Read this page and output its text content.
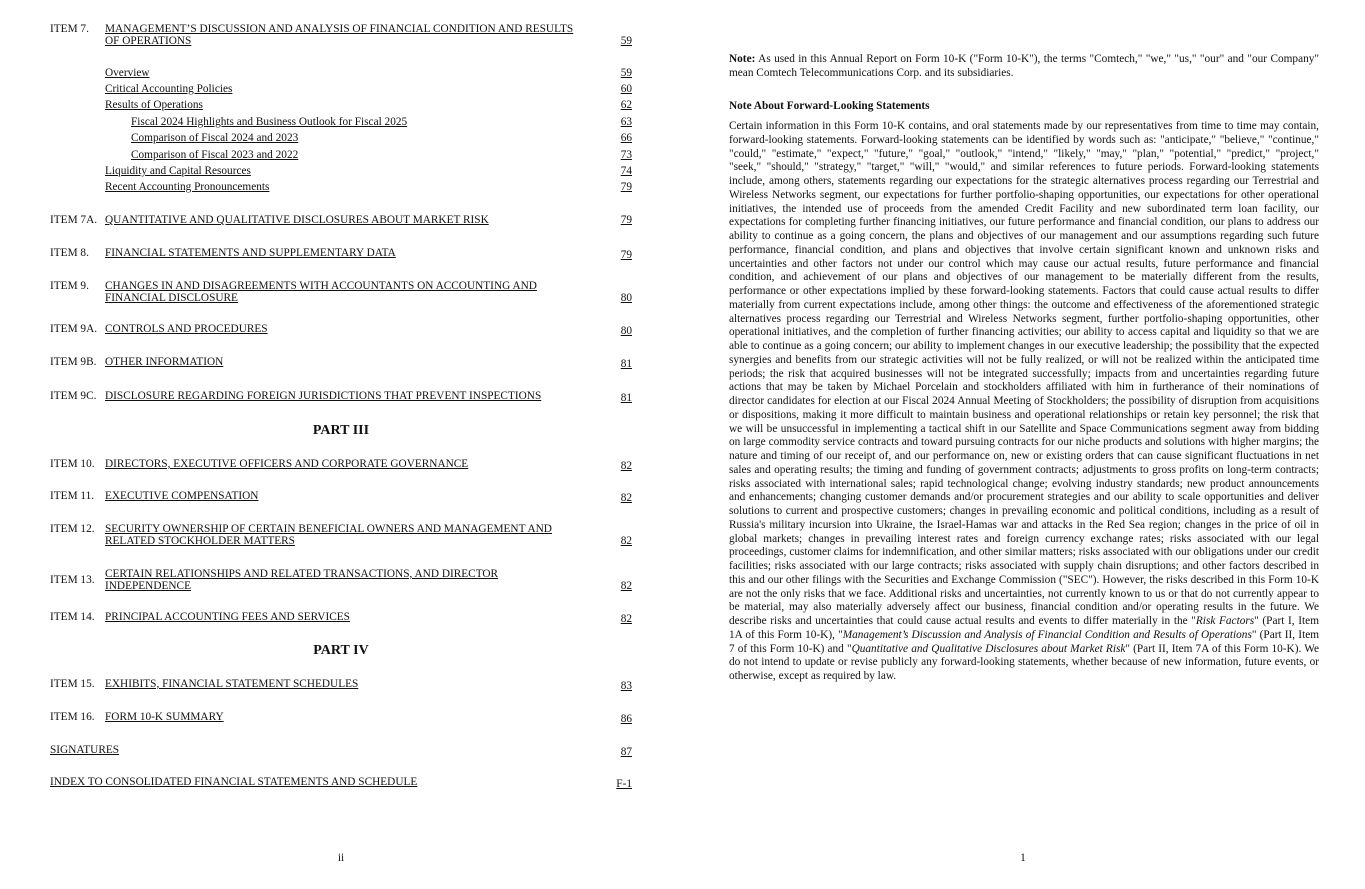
ITEM 7. MANAGEMENT’S DISCUSSION AND ANALYSIS OF FINANCIAL CONDITION AND RESULTS OF OPERATIONS	59
Overview	59
Critical Accounting Policies	60
Results of Operations	62
Fiscal 2024 Highlights and Business Outlook for Fiscal 2025	63
Comparison of Fiscal 2024 and 2023	66
Comparison of Fiscal 2023 and 2022	73
Liquidity and Capital Resources	74
Recent Accounting Pronouncements	79
ITEM 7A. QUANTITATIVE AND QUALITATIVE DISCLOSURES ABOUT MARKET RISK	79
ITEM 8. FINANCIAL STATEMENTS AND SUPPLEMENTARY DATA	79
ITEM 9. CHANGES IN AND DISAGREEMENTS WITH ACCOUNTANTS ON ACCOUNTING AND FINANCIAL DISCLOSURE	80
ITEM 9A. CONTROLS AND PROCEDURES	80
ITEM 9B. OTHER INFORMATION	81
ITEM 9C. DISCLOSURE REGARDING FOREIGN JURISDICTIONS THAT PREVENT INSPECTIONS	81
PART III
ITEM 10. DIRECTORS, EXECUTIVE OFFICERS AND CORPORATE GOVERNANCE	82
ITEM 11. EXECUTIVE COMPENSATION	82
ITEM 12. SECURITY OWNERSHIP OF CERTAIN BENEFICIAL OWNERS AND MANAGEMENT AND RELATED STOCKHOLDER MATTERS	82
ITEM 13. CERTAIN RELATIONSHIPS AND RELATED TRANSACTIONS, AND DIRECTOR INDEPENDENCE	82
ITEM 14. PRINCIPAL ACCOUNTING FEES AND SERVICES	82
PART IV
ITEM 15. EXHIBITS, FINANCIAL STATEMENT SCHEDULES	83
ITEM 16. FORM 10-K SUMMARY	86
SIGNATURES	87
INDEX TO CONSOLIDATED FINANCIAL STATEMENTS AND SCHEDULE	F-1
ii

Note: As used in this Annual Report on Form 10-K ("Form 10-K"), the terms "Comtech," "we," "us," "our" and "our Company" mean Comtech Telecommunications Corp. and its subsidiaries.

Note About Forward-Looking Statements

Certain information in this Form 10-K contains, and oral statements made by our representatives from time to time may contain, forward-looking statements. Forward-looking statements can be identified by words such as: "anticipate," "believe," "continue," "could," "estimate," "expect," "future," "goal," "outlook," "intend," "likely," "may," "plan," "potential," "predict," "project," "seek," "should," "strategy," "target," "will," "would," and similar references to future periods. Forward-looking statements include, among others, statements regarding our expectations for the strategic alternatives process regarding our Terrestrial and Wireless Networks segment, our expectations for further portfolio-shaping opportunities, our expectations for other operational initiatives, the intended use of proceeds from the amended Credit Facility and new subordinated term loan facility, our expectations for completing further financing initiatives, our future performance and financial condition, our plans to address our ability to continue as a going concern, the plans and objectives of our management and our assumptions regarding such future performance, financial condition, and plans and objectives that involve certain significant known and unknown risks and uncertainties and other factors not under our control which may cause our actual results, future performance and financial condition, and achievement of our plans and objectives of our management to be materially different from the results, performance or other expectations implied by these forward-looking statements. Factors that could cause actual results to differ materially from current expectations include, among other things: the outcome and effectiveness of the aforementioned strategic alternatives process regarding our Terrestrial and Wireless Networks segment, further portfolio-shaping opportunities, other operational initiatives, and the completion of further financing activities; our ability to access capital and liquidity so that we are able to continue as a going concern; our ability to implement changes in our executive leadership; the possibility that the expected synergies and benefits from our strategic activities will not be fully realized, or will not be realized within the anticipated time periods; the risk that acquired businesses will not be integrated successfully; impacts from and uncertainties regarding future actions that may be taken by Michael Porcelain and stockholders affiliated with him in furtherance of their nominations of director candidates for election at our Fiscal 2024 Annual Meeting of Stockholders; the possibility of disruption from acquisitions or dispositions, making it more difficult to maintain business and operational relationships or retain key personnel; the risk that we will be unsuccessful in implementing a tactical shift in our Satellite and Space Communications segment away from bidding on large commodity service contracts and toward pursuing contracts for our niche products and solutions with higher margins; the nature and timing of our receipt of, and our performance on, new or existing orders that can cause significant fluctuations in net sales and operating results; the timing and funding of government contracts; adjustments to gross profits on long-term contracts; risks associated with international sales; rapid technological change; evolving industry standards; new product announcements and enhancements; changing customer demands and/or procurement strategies and our ability to scale opportunities and deliver solutions to current and prospective customers; changes in prevailing economic and political conditions, including as a result of Russia's military incursion into Ukraine, the Israel-Hamas war and attacks in the Red Sea region; changes in the price of oil in global markets; changes in prevailing interest rates and foreign currency exchange rates; risks associated with our legal proceedings, customer claims for indemnification, and other similar matters; risks associated with our obligations under our credit facilities; risks associated with our large contracts; risks associated with supply chain disruptions; and other factors described in this and our other filings with the Securities and Exchange Commission ("SEC"). However, the risks described in this Form 10-K are not the only risks that we face. Additional risks and uncertainties, not currently known to us or that do not currently appear to be material, may also materially adversely affect our business, financial condition and/or operating results in the future. We describe risks and uncertainties that could cause actual results and events to differ materially in the "Risk Factors" (Part I, Item 1A of this Form 10-K), "Management’s Discussion and Analysis of Financial Condition and Results of Operations" (Part II, Item 7 of this Form 10-K) and "Quantitative and Qualitative Disclosures about Market Risk" (Part II, Item 7A of this Form 10-K). We do not intend to update or revise publicly any forward-looking statements, whether because of new information, future events, or otherwise, except as required by law.

1
